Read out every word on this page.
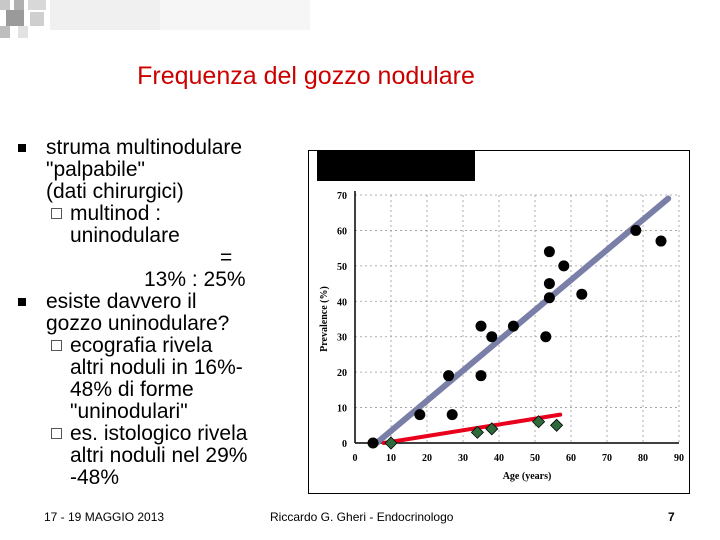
Frequenza del gozzo nodulare
struma multinodulare
"palpabile"
(dati chirurgici)
multinod :
uninodulare
=
13% : 25%
esiste davvero il
gozzo uninodulare?
ecografia rivela
altri noduli in 16%-
48% di forme
"uninodulari"
es. istologico rivela
altri noduli nel 29%
-48%
0
10
20
30
40
50
60
70
0	10	20	30	40	50	60	70	80	90
Age (years)
Prevalence (%)
17 - 19 MAGGIO 2013	Riccardo G. Gheri - Endocrinologo	7
